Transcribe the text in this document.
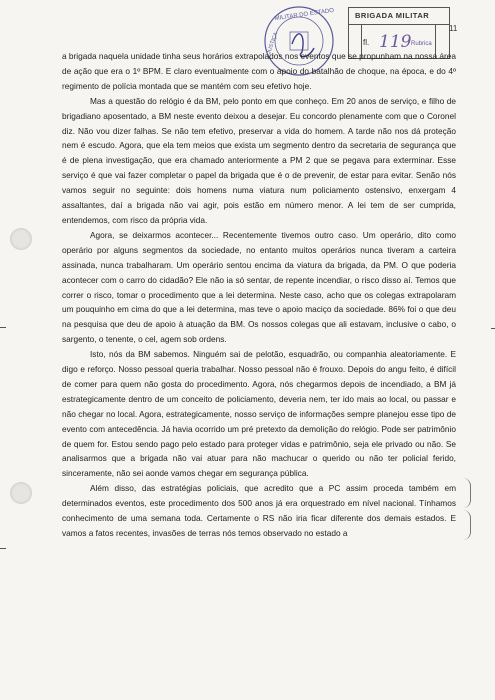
MILITAR DO ESTADO
JUSTIÇA
BRIGADA MILITAR
fl. 119 Rubrica
11

a brigada naquela unidade tinha seus horários extrapolados nos eventos que se propunham na nossa área de ação que era o 1º BPM. E claro eventualmente com o apoio do batalhão de choque, na época, e do 4º regimento de polícia montada que se mantém com seu efetivo hoje.

Mas a questão do relógio é da BM, pelo ponto em que conheço. Em 20 anos de serviço, e filho de brigadiano aposentado, a BM neste evento deixou a desejar. Eu concordo plenamente com que o Coronel diz. Não vou dizer falhas. Se não tem efetivo, preservar a vida do homem. A tarde não nos dá proteção nem é escudo. Agora, que ela tem meios que exista um segmento dentro da secretaria de segurança que é de plena investigação, que era chamado anteriormente a PM 2 que se pegava para exterminar. Esse serviço é que vai fazer completar o papel da brigada que é o de prevenir, de estar para evitar. Senão nós vamos seguir no seguinte: dois homens numa viatura num policiamento ostensivo, enxergam 4 assaltantes, daí a brigada não vai agir, pois estão em número menor. A lei tem de ser cumprida, entendemos, com risco da própria vida.

Agora, se deixarmos acontecer... Recentemente tivemos outro caso. Um operário, dito como operário por alguns segmentos da sociedade, no entanto muitos operários nunca tiveram a carteira assinada, nunca trabalharam. Um operário sentou encima da viatura da brigada, da PM. O que poderia acontecer com o carro do cidadão? Ele não ia só sentar, de repente incendiar, o risco disso aí. Temos que correr o risco, tomar o procedimento que a lei determina. Neste caso, acho que os colegas extrapolaram um pouquinho em cima do que a lei determina, mas teve o apoio maciço da sociedade. 86% foi o que deu na pesquisa que deu de apoio à atuação da BM. Os nossos colegas que ali estavam, inclusive o cabo, o sargento, o tenente, o cel, agem sob ordens.

Isto, nós da BM sabemos. Ninguém sai de pelotão, esquadrão, ou companhia aleatoriamente. E digo e reforço. Nosso pessoal queria trabalhar. Nosso pessoal não é frouxo. Depois do angu feito, é difícil de comer para quem não gosta do procedimento. Agora, nós chegarmos depois de incendiado, a BM já estrategicamente dentro de um conceito de policiamento, deveria nem, ter ido mais ao local, ou passar e não chegar no local. Agora, estrategicamente, nosso serviço de informações sempre planejou esse tipo de evento com antecedência. Já havia ocorrido um pré pretexto da demolição do relógio. Pode ser patrimônio de quem for. Estou sendo pago pelo estado para proteger vidas e patrimônio, seja ele privado ou não. Se analisarmos que a brigada não vai atuar para não machucar o querido ou não ter policial ferido, sinceramente, não sei aonde vamos chegar em segurança pública.

Além disso, das estratégias policiais, que acredito que a PC assim proceda também em determinados eventos, este procedimento dos 500 anos já era orquestrado em nível nacional. Tínhamos conhecimento de uma semana toda. Certamente o RS não iria ficar diferente dos demais estados. E vamos a fatos recentes, invasões de terras nós temos observado no estado a
